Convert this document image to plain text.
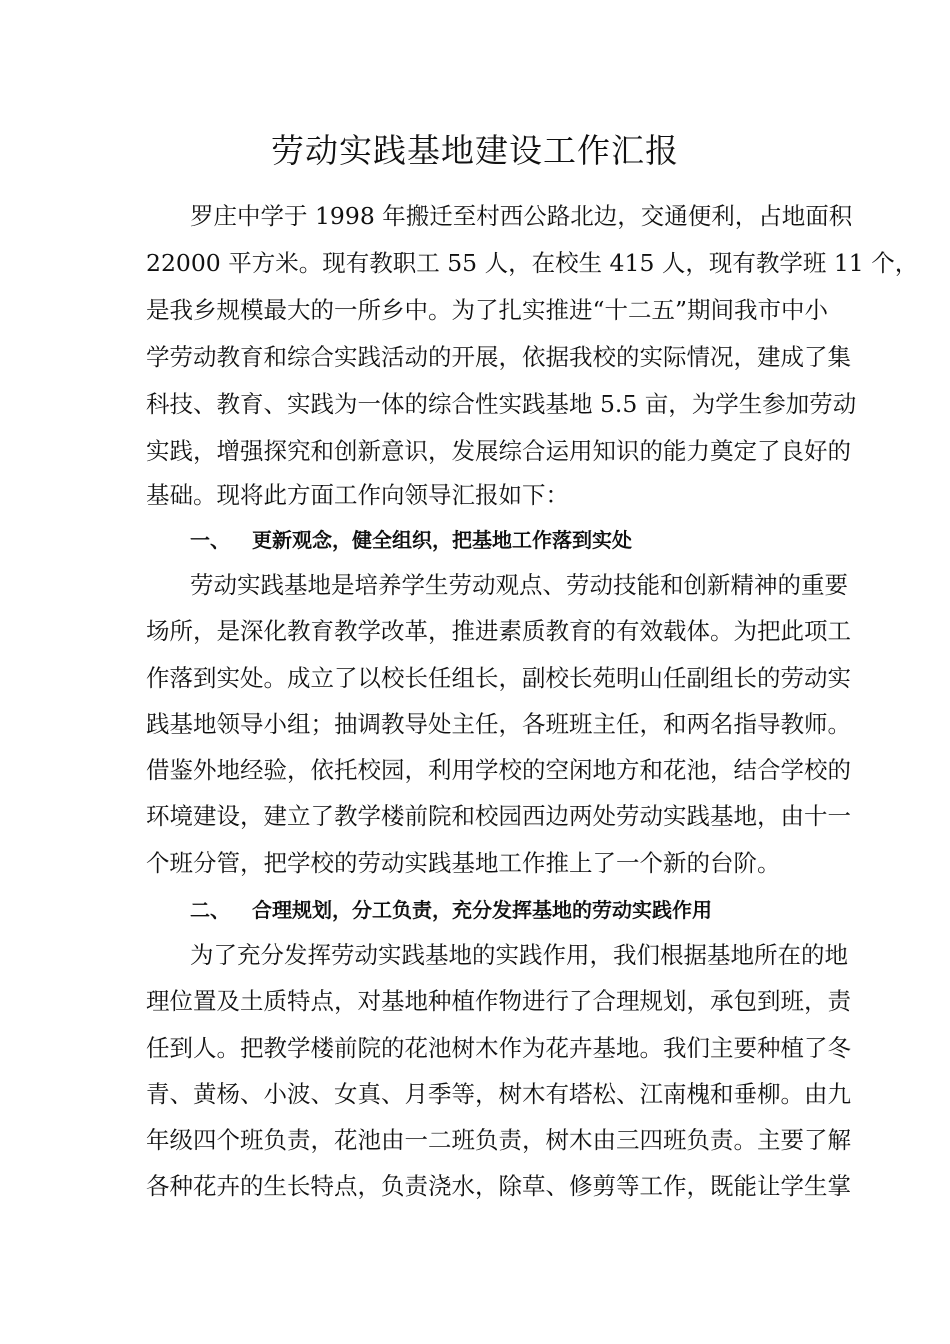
劳动实践基地建设工作汇报
罗庄中学于 1998 年搬迁至村西公路北边，交通便利，占地面积
22000 平方米。现有教职工 55 人，在校生 415 人，现有教学班 11 个，
是我乡规模最大的一所乡中。为了扎实推进“十二五”期间我市中小
学劳动教育和综合实践活动的开展，依据我校的实际情况，建成了集
科技、教育、实践为一体的综合性实践基地 5.5 亩，为学生参加劳动
实践，增强探究和创新意识，发展综合运用知识的能力奠定了良好的
基础。现将此方面工作向领导汇报如下：
一、 更新观念，健全组织，把基地工作落到实处
劳动实践基地是培养学生劳动观点、劳动技能和创新精神的重要
场所，是深化教育教学改革，推进素质教育的有效载体。为把此项工
作落到实处。成立了以校长任组长，副校长苑明山任副组长的劳动实
践基地领导小组；抽调教导处主任，各班班主任，和两名指导教师。
借鉴外地经验，依托校园，利用学校的空闲地方和花池，结合学校的
环境建设，建立了教学楼前院和校园西边两处劳动实践基地，由十一
个班分管，把学校的劳动实践基地工作推上了一个新的台阶。
二、 合理规划，分工负责，充分发挥基地的劳动实践作用
为了充分发挥劳动实践基地的实践作用，我们根据基地所在的地
理位置及土质特点，对基地种植作物进行了合理规划，承包到班，责
任到人。把教学楼前院的花池树木作为花卉基地。我们主要种植了冬
青、黄杨、小波、女真、月季等，树木有塔松、江南槐和垂柳。由九
年级四个班负责，花池由一二班负责，树木由三四班负责。主要了解
各种花卉的生长特点，负责浇水，除草、修剪等工作，既能让学生掌
